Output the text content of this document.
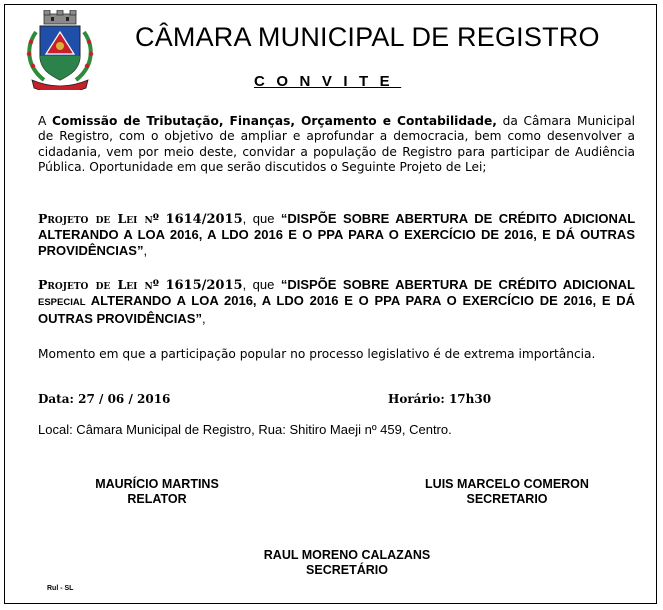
CÂMARA MUNICIPAL DE REGISTRO
CONVITE
A Comissão de Tributação, Finanças, Orçamento e Contabilidade, da Câmara Municipal de Registro, com o objetivo de ampliar e aprofundar a democracia, bem como desenvolver a cidadania, vem por meio deste, convidar a população de Registro para participar de Audiência Pública. Oportunidade em que serão discutidos o Seguinte Projeto de Lei;
Projeto de Lei nº 1614/2015, que “DISPÕE SOBRE ABERTURA DE CRÉDITO ADICIONAL ALTERANDO A LOA 2016, A LDO 2016 E O PPA PARA O EXERCÍCIO DE 2016, E DÁ OUTRAS PROVIDÊNCIAS”,
Projeto de Lei nº 1615/2015, que “DISPÕE SOBRE ABERTURA DE CRÉDITO ADICIONAL ESPECIAL ALTERANDO A LOA 2016, A LDO 2016 E O PPA PARA O EXERCÍCIO DE 2016, E DÁ OUTRAS PROVIDÊNCIAS”,
Momento em que a participação popular no processo legislativo é de extrema importância.
Data: 27 / 06 / 2016	Horário: 17h30
Local: Câmara Municipal de Registro, Rua: Shitiro Maeji nº 459, Centro.
MAURÍCIO MARTINS
RELATOR
LUIS MARCELO COMERON
SECRETARIO
RAUL MORENO CALAZANS
SECRETÁRIO
Rul - SL
